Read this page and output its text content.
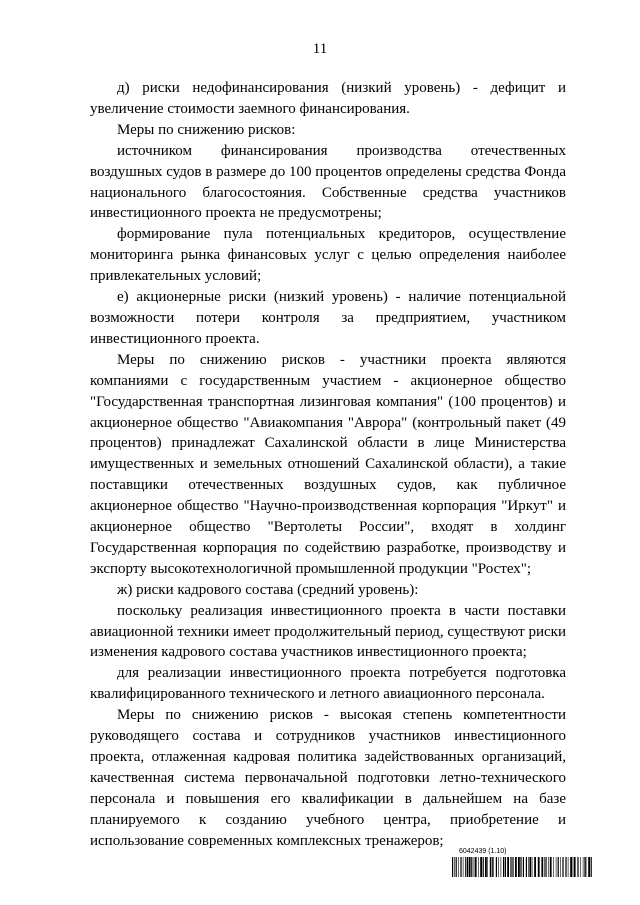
11

д) риски недофинансирования (низкий уровень) - дефицит и увеличение стоимости заемного финансирования.

Меры по снижению рисков:

источником финансирования производства отечественных воздушных судов в размере до 100 процентов определены средства Фонда национального благосостояния. Собственные средства участников инвестиционного проекта не предусмотрены;

формирование пула потенциальных кредиторов, осуществление мониторинга рынка финансовых услуг с целью определения наиболее привлекательных условий;

е) акционерные риски (низкий уровень) - наличие потенциальной возможности потери контроля за предприятием, участником инвестиционного проекта.

Меры по снижению рисков - участники проекта являются компаниями с государственным участием - акционерное общество "Государственная транспортная лизинговая компания" (100 процентов) и акционерное общество "Авиакомпания "Аврора" (контрольный пакет (49 процентов) принадлежат Сахалинской области в лице Министерства имущественных и земельных отношений Сахалинской области), а такие поставщики отечественных воздушных судов, как публичное акционерное общество "Научно-производственная корпорация "Иркут" и акционерное общество "Вертолеты России", входят в холдинг Государственная корпорация по содействию разработке, производству и экспорту высокотехнологичной промышленной продукции "Ростех";

ж) риски кадрового состава (средний уровень):

поскольку реализация инвестиционного проекта в части поставки авиационной техники имеет продолжительный период, существуют риски изменения кадрового состава участников инвестиционного проекта;

для реализации инвестиционного проекта потребуется подготовка квалифицированного технического и летного авиационного персонала.

Меры по снижению рисков - высокая степень компетентности руководящего состава и сотрудников участников инвестиционного проекта, отлаженная кадровая политика задействованных организаций, качественная система первоначальной подготовки летно-технического персонала и повышения его квалификации в дальнейшем на базе планируемого к созданию учебного центра, приобретение и использование современных комплексных тренажеров;

6042439 (1.10)
